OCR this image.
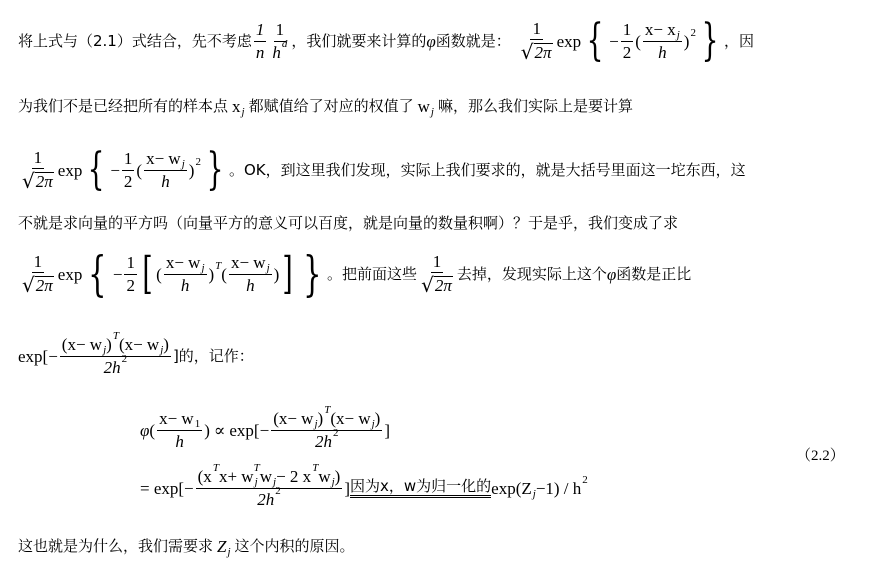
将上式与（2.1）式结合，先不考虑 $\frac{1}{n} \frac{1}{\text{h d}}$ ，我们就要来计算的 φ 函数就是： $\frac{1}{√ 2\pi}$ exp { − $\frac{1}{2}$ ( $\frac{\text{x− x j}}{h}$ ) 2 } ，因
为我们不是已经把所有的样本点 x j 都赋值给了对应的权值了 w j 嘛，那么我们实际上是要计算
$\frac{1}{√ 2\pi}$ exp { − $\frac{1}{2}$ ( $\frac{\text{x− w j}}{h}$ ) 2 } 。OK，到这里我们发现，实际上我们要求的，就是大括号里面这一坨东西，这
不就是求向量的平方吗（向量平方的意义可以百度，就是向量的数量积啊）？于是乎，我们变成了求
$\frac{1}{√ 2\pi}$ exp { − $\frac{1}{2}$ [ ( $\frac{\text{x− w j}}{h}$ ) T ( $\frac{\text{x− w j}}{h}$ ) ] } 。把前面这些 $\frac{1}{√ 2\pi}$ 去掉，发现实际上这个 φ 函数是正比
$\exp[- \frac{\text{(x− w j ) T (x− w j )}}{2h 2}$ ]的，记作：
φ ( $\frac{x- w 1}{h}$ ) ∝ $\exp[- \frac{\text{(x− w j ) T (x− w j )}}{2h 2}$ ]
（2.2）
= exp[− (x T x+ w j
T w j − 2 x T w j )
2h 2 ] 因为x，w为归一化的 exp(Z j −1) / h 2
这也就是为什么，我们需要求 Z j 这个内积的原因。
